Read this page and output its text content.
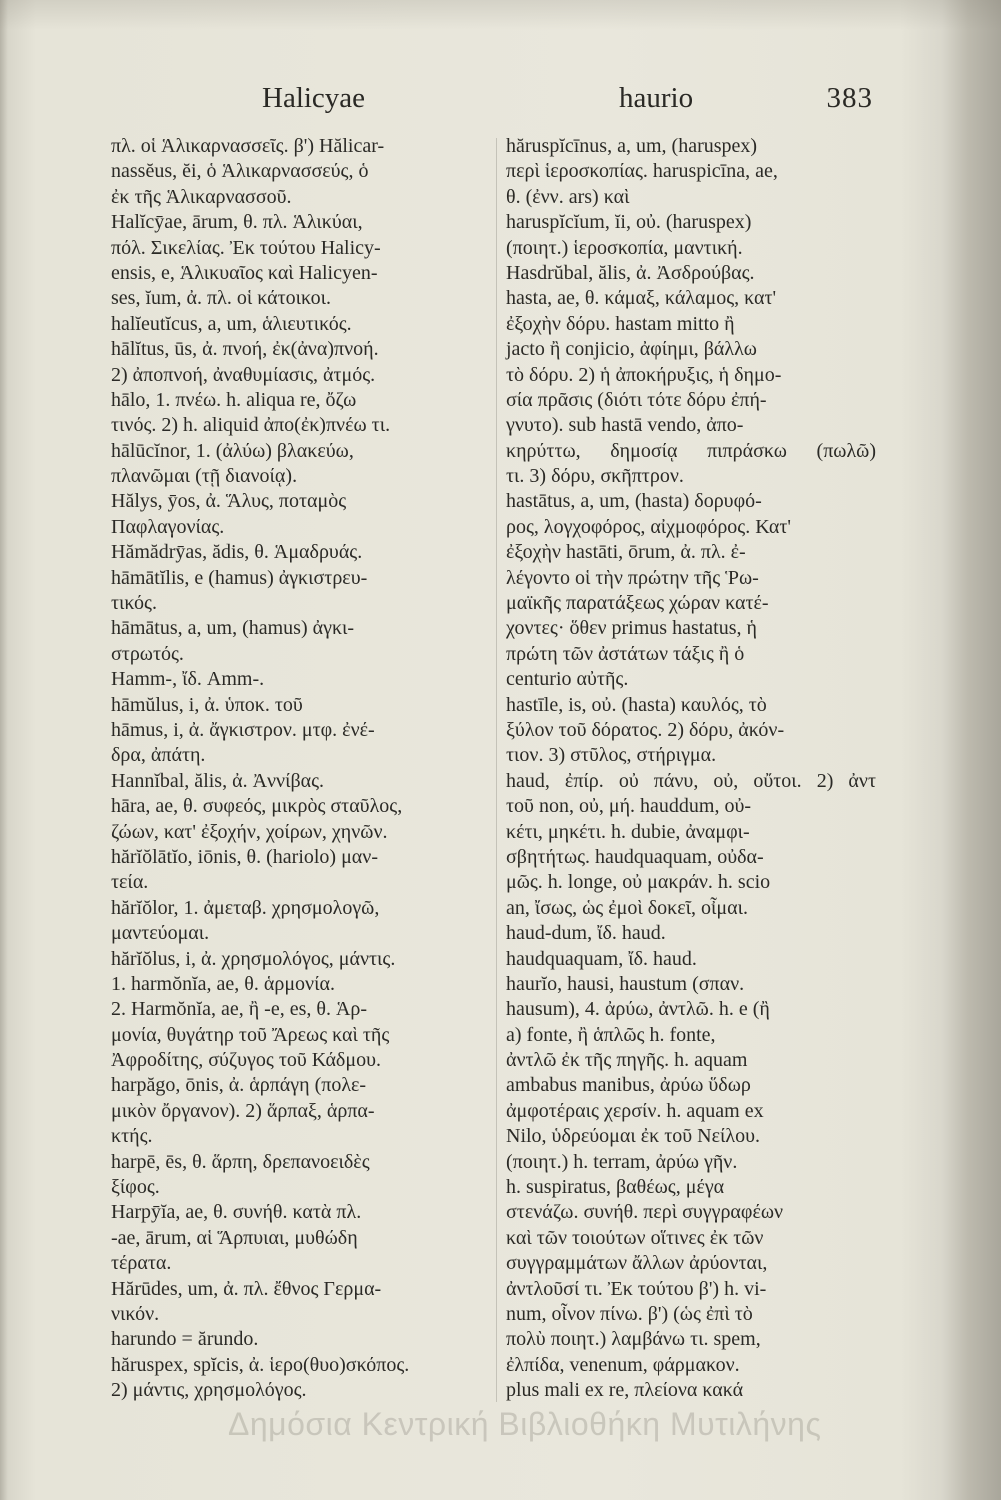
Halicyae	haurio	383
πλ. οἱ Ἁλικαρνασσεῖς. β') Hălicar-
nassĕus, ĕi, ὁ Ἁλικαρνασσεύς, ὁ
ἐκ τῆς Ἁλικαρνασσοῦ.
Halĭcȳae, ārum, θ. πλ. Ἁλικύαι,
πόλ. Σικελίας. Ἐκ τούτου Halicy-
ensis, e, Ἁλικυαῖος καὶ Halicyen-
ses, ĭum, ἀ. πλ. οἱ κάτοικοι.
halĭeutĭcus, a, um, ἁλιευτικός.
hālĭtus, ūs, ἀ. πνοή, ἐκ(ἀνα)πνοή.
2) ἀποπνοή, ἀναθυμίασις, ἀτμός.
hālo, 1. πνέω. h. aliqua re, ὄζω
τινός. 2) h. aliquid ἀπο(ἐκ)πνέω τι.
hālūcĭnor, 1. (ἀλύω) βλακεύω,
πλανῶμαι (τῇ διανοίᾳ).
Hălys, ȳos, ἀ. Ἅλυς, ποταμὸς
Παφλαγονίας.
Hămădrȳas, ădis, θ. Ἁμαδρυάς.
hāmātĭlis, e (hamus) ἀγκιστρευ-
τικός.
hāmātus, a, um, (hamus) ἀγκι-
στρωτός.
Hamm-, ἴδ. Amm-.
hāmŭlus, i, ἀ. ὑποκ. τοῦ
hāmus, i, ἀ. ἄγκιστρον. μτφ. ἐνέ-
δρα, ἀπάτη.
Hannĭbal, ălis, ἀ. Ἀννίβας.
hāra, ae, θ. συφεός, μικρὸς σταῦλος,
ζώων, κατ' ἐξοχήν, χοίρων, χηνῶν.
hărĭŏlātĭo, iōnis, θ. (hariolo) μαν-
τεία.
hărĭŏlor, 1. ἀμεταβ. χρησμολογῶ,
μαντεύομαι.
hărĭŏlus, i, ἀ. χρησμολόγος, μάντις.
1. harmŏnĭa, ae, θ. ἁρμονία.
2. Harmŏnĭa, ae, ἢ -e, es, θ. Ἁρ-
μονία, θυγάτηρ τοῦ Ἄρεως καὶ τῆς
Ἀφροδίτης, σύζυγος τοῦ Κάδμου.
harpăgo, ōnis, ἀ. ἁρπάγη (πολε-
μικὸν ὄργανον). 2) ἅρπαξ, ἁρπα-
κτής.
harpē, ēs, θ. ἅρπη, δρεπανοειδὲς
ξίφος.
Harpȳĭa, ae, θ. συνήθ. κατὰ πλ.
-ae, ārum, αἱ Ἅρπυιαι, μυθώδη
τέρατα.
Hărūdes, um, ἀ. πλ. ἔθνος Γερμα-
νικόν.
harundo = ărundo.
hăruspex, spĭcis, ἀ. ἱερο(θυο)σκόπος.
2) μάντις, χρησμολόγος.
hăruspĭcīnus, a, um, (haruspex)
περὶ ἱεροσκοπίας. haruspicīna, ae,
θ. (ἐνν. ars) καὶ
haruspĭcĭum, ĭi, οὐ. (haruspex)
(ποιητ.) ἱεροσκοπία, μαντική.
Hasdrŭbal, ălis, ἀ. Ἀσδρούβας.
hasta, ae, θ. κάμαξ, κάλαμος, κατ'
ἐξοχὴν δόρυ. hastam mitto ἢ
jacto ἢ conjicio, ἀφίημι, βάλλω
τὸ δόρυ. 2) ἡ ἀποκήρυξις, ἡ δημο-
σία πρᾶσις (διότι τότε δόρυ ἐπή-
γνυτο). sub hastā vendo, ἀπο-
κηρύττω, δημοσίᾳ πιπράσκω (πωλῶ)
τι. 3) δόρυ, σκῆπτρον.
hastātus, a, um, (hasta) δορυφό-
ρος, λογχοφόρος, αἰχμοφόρος. Κατ'
ἐξοχὴν hastāti, ōrum, ἀ. πλ. ἐ-
λέγοντο οἱ τὴν πρώτην τῆς Ῥω-
μαϊκῆς παρατάξεως χώραν κατέ-
χοντες· ὅθεν primus hastatus, ἡ
πρώτη τῶν ἀστάτων τάξις ἢ ὁ
centurio αὐτῆς.
hastīle, is, οὐ. (hasta) καυλός, τὸ
ξύλον τοῦ δόρατος. 2) δόρυ, ἀκόν-
τιον. 3) στῦλος, στήριγμα.
haud, ἐπίρ. οὐ πάνυ, οὐ, οὔτοι. 2) ἀντ
τοῦ non, οὐ, μή. hauddum, οὐ-
κέτι, μηκέτι. h. dubie, ἀναμφι-
σβητήτως. haudquaquam, οὐδα-
μῶς. h. longe, οὐ μακράν. h. scio
an, ἴσως, ὡς ἐμοὶ δοκεῖ, οἶμαι.
haud-dum, ἴδ. haud.
haudquaquam, ἴδ. haud.
haurĭo, hausi, haustum (σπαν.
hausum), 4. ἀρύω, ἀντλῶ. h. e (ἢ
a) fonte, ἢ ἁπλῶς h. fonte,
ἀντλῶ ἐκ τῆς πηγῆς. h. aquam
ambabus manibus, ἀρύω ὕδωρ
ἀμφοτέραις χερσίν. h. aquam ex
Nilo, ὑδρεύομαι ἐκ τοῦ Νείλου.
(ποιητ.) h. terram, ἀρύω γῆν.
h. suspiratus, βαθέως, μέγα
στενάζω. συνήθ. περὶ συγγραφέων
καὶ τῶν τοιούτων οἵτινες ἐκ τῶν
συγγραμμάτων ἄλλων ἀρύονται,
ἀντλοῦσί τι. Ἐκ τούτου β') h. vi-
num, οἶνον πίνω. β') (ὡς ἐπὶ τὸ
πολὺ ποιητ.) λαμβάνω τι. spem,
ἐλπίδα, venenum, φάρμακον.
plus mali ex re, πλείονα κακά
Δημόσια Κεντρική Βιβλιοθήκη Μυτιλήνης
